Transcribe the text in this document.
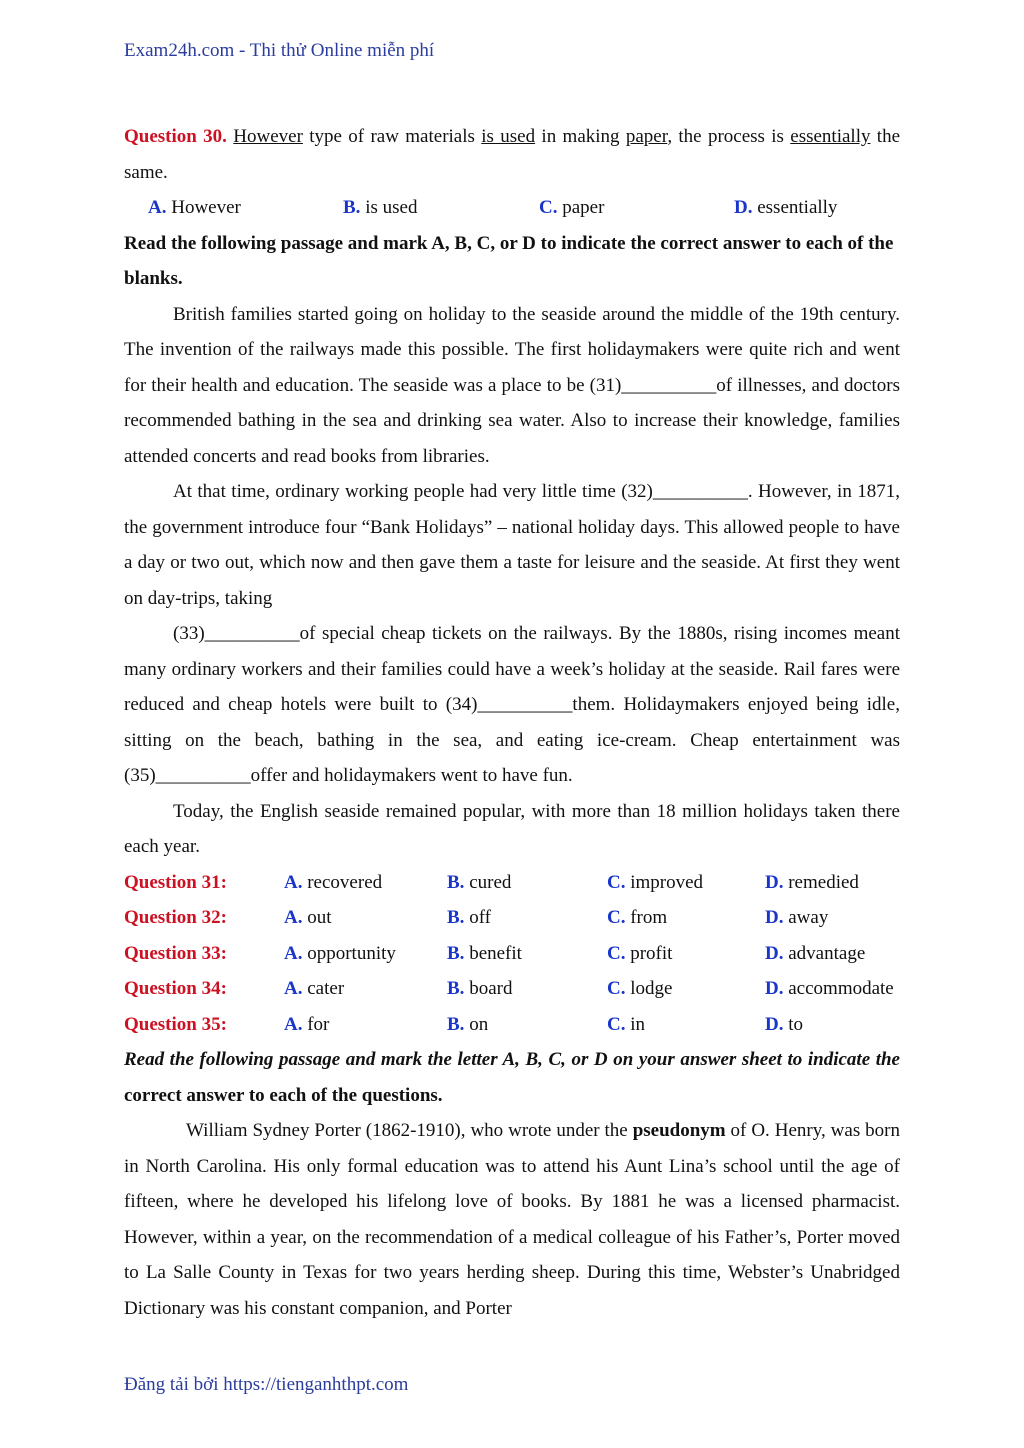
Exam24h.com - Thi thử Online miễn phí

Question 30. However type of raw materials is used in making paper, the process is essentially the same.

A. However	B. is used	C. paper	D. essentially

Read the following passage and mark A, B, C, or D to indicate the correct answer to each of the blanks.

British families started going on holiday to the seaside around the middle of the 19th century. The invention of the railways made this possible. The first holidaymakers were quite rich and went for their health and education. The seaside was a place to be (31)__________of illnesses, and doctors recommended bathing in the sea and drinking sea water. Also to increase their knowledge, families attended concerts and read books from libraries.

At that time, ordinary working people had very little time (32)__________. However, in 1871, the government introduce four “Bank Holidays” – national holiday days. This allowed people to have a day or two out, which now and then gave them a taste for leisure and the seaside. At first they went on day-trips, taking

(33)__________of special cheap tickets on the railways. By the 1880s, rising incomes meant many ordinary workers and their families could have a week’s holiday at the seaside. Rail fares were reduced and cheap hotels were built to (34)__________them. Holidaymakers enjoyed being idle, sitting on the beach, bathing in the sea, and eating ice-cream. Cheap entertainment was (35)__________offer and holidaymakers went to have fun.

Today, the English seaside remained popular, with more than 18 million holidays taken there each year.

Question 31:	A. recovered	B. cured	C. improved	D. remedied
Question 32:	A. out	B. off	C. from	D. away
Question 33:	A. opportunity	B. benefit	C. profit	D. advantage
Question 34:	A. cater	B. board	C. lodge	D. accommodate
Question 35:	A. for	B. on	C. in	D. to

Read the following passage and mark the letter A, B, C, or D on your answer sheet to indicate the correct answer to each of the questions.

William Sydney Porter (1862-1910), who wrote under the pseudonym of O. Henry, was born in North Carolina. His only formal education was to attend his Aunt Lina’s school until the age of fifteen, where he developed his lifelong love of books. By 1881 he was a licensed pharmacist. However, within a year, on the recommendation of a medical colleague of his Father’s, Porter moved to La Salle County in Texas for two years herding sheep. During this time, Webster’s Unabridged Dictionary was his constant companion, and Porter

Đăng tải bởi https://tienganhthpt.com
